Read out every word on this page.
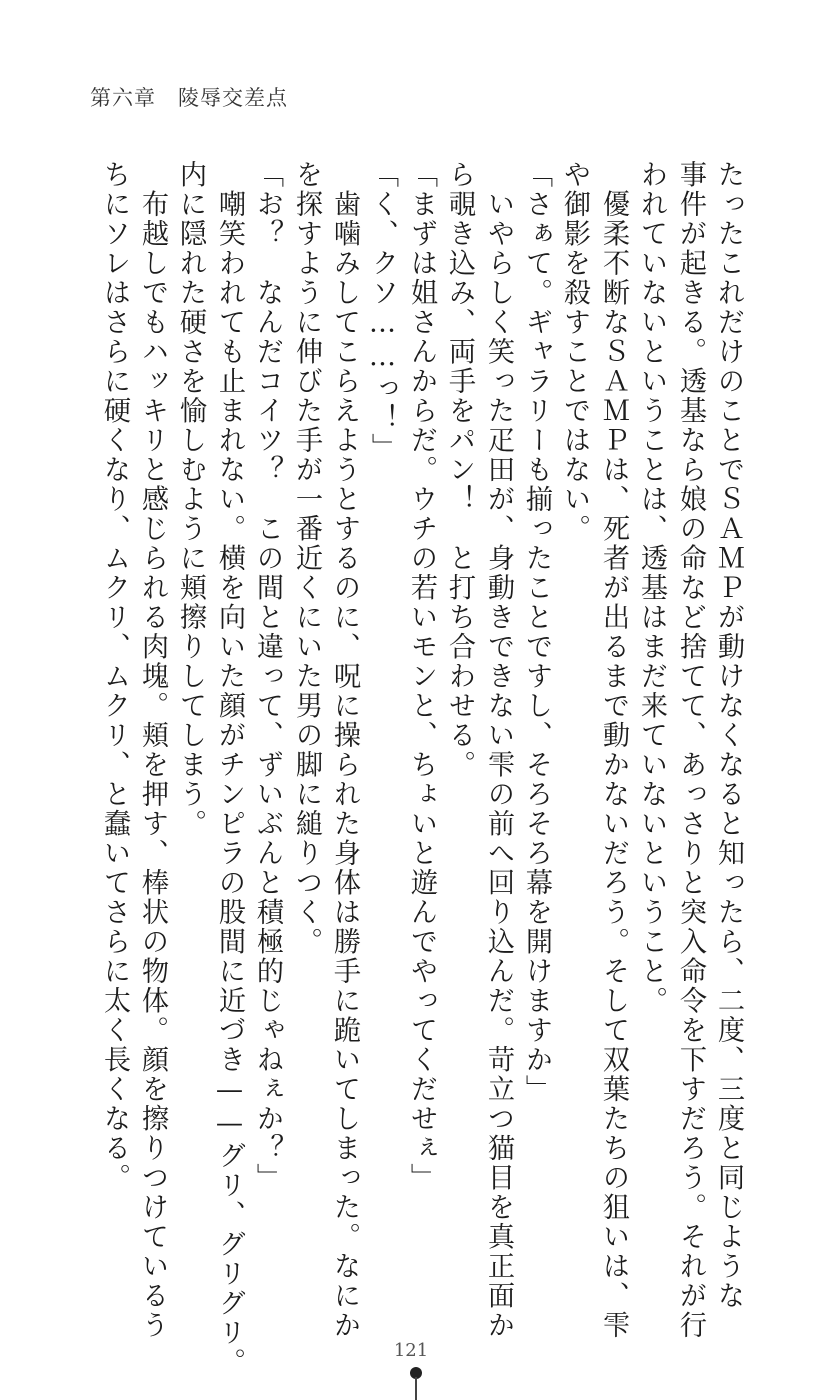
第六章　陵辱交差点
たったこれだけのことでＳＡＭＰが動けなくなると知ったら、二度、三度と同じような
事件が起きる。透基なら娘の命など捨てて、あっさりと突入命令を下すだろう。それが行
われていないということは、透基はまだ来ていないということ。
　優柔不断なＳＡＭＰは、死者が出るまで動かないだろう。そして双葉たちの狙いは、雫
や御影を殺すことではない。
「さぁて。ギャラリーも揃ったことですし、そろそろ幕を開けますか」
　いやらしく笑った疋田が、身動きできない雫の前へ回り込んだ。苛立つ猫目を真正面か
ら覗き込み、両手をパン！　と打ち合わせる。
「まずは姐さんからだ。ウチの若いモンと、ちょいと遊んでやってくだせぇ」
「く、クソ……っ！」
　歯噛みしてこらえようとするのに、呪に操られた身体は勝手に跪いてしまった。なにか
を探すように伸びた手が一番近くにいた男の脚に縋りつく。
「お？　なんだコイツ？　この間と違って、ずいぶんと積極的じゃねぇか？」
　嘲笑われても止まれない。横を向いた顔がチンピラの股間に近づき——グリ、グリグリ。
内に隠れた硬さを愉しむように頬擦りしてしまう。
　布越しでもハッキリと感じられる肉塊。頬を押す、棒状の物体。顔を擦りつけているう
ちにソレはさらに硬くなり、ムクリ、ムクリ、と蠢いてさらに太く長くなる。
121
